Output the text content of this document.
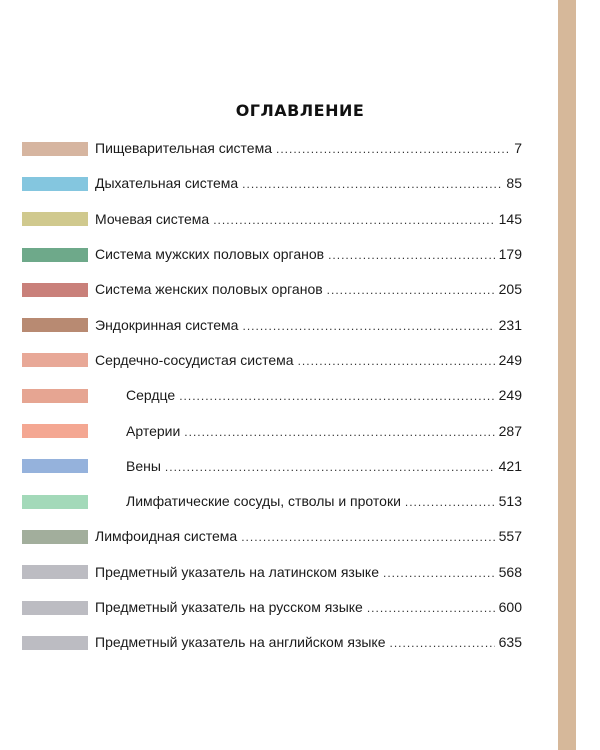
ОГЛАВЛЕНИЕ
Пищеварительная система .....	7
Дыхательная система .....	85
Мочевая система .....	145
Система мужских половых органов .....	179
Система женских половых органов .....	205
Эндокринная система .....	231
Сердечно-сосудистая система .....	249
Сердце .....	249
Артерии .....	287
Вены .....	421
Лимфатические сосуды, стволы и протоки .....	513
Лимфоидная система .....	557
Предметный указатель на латинском языке .....	568
Предметный указатель на русском языке .....	600
Предметный указатель на английском языке .....	635
